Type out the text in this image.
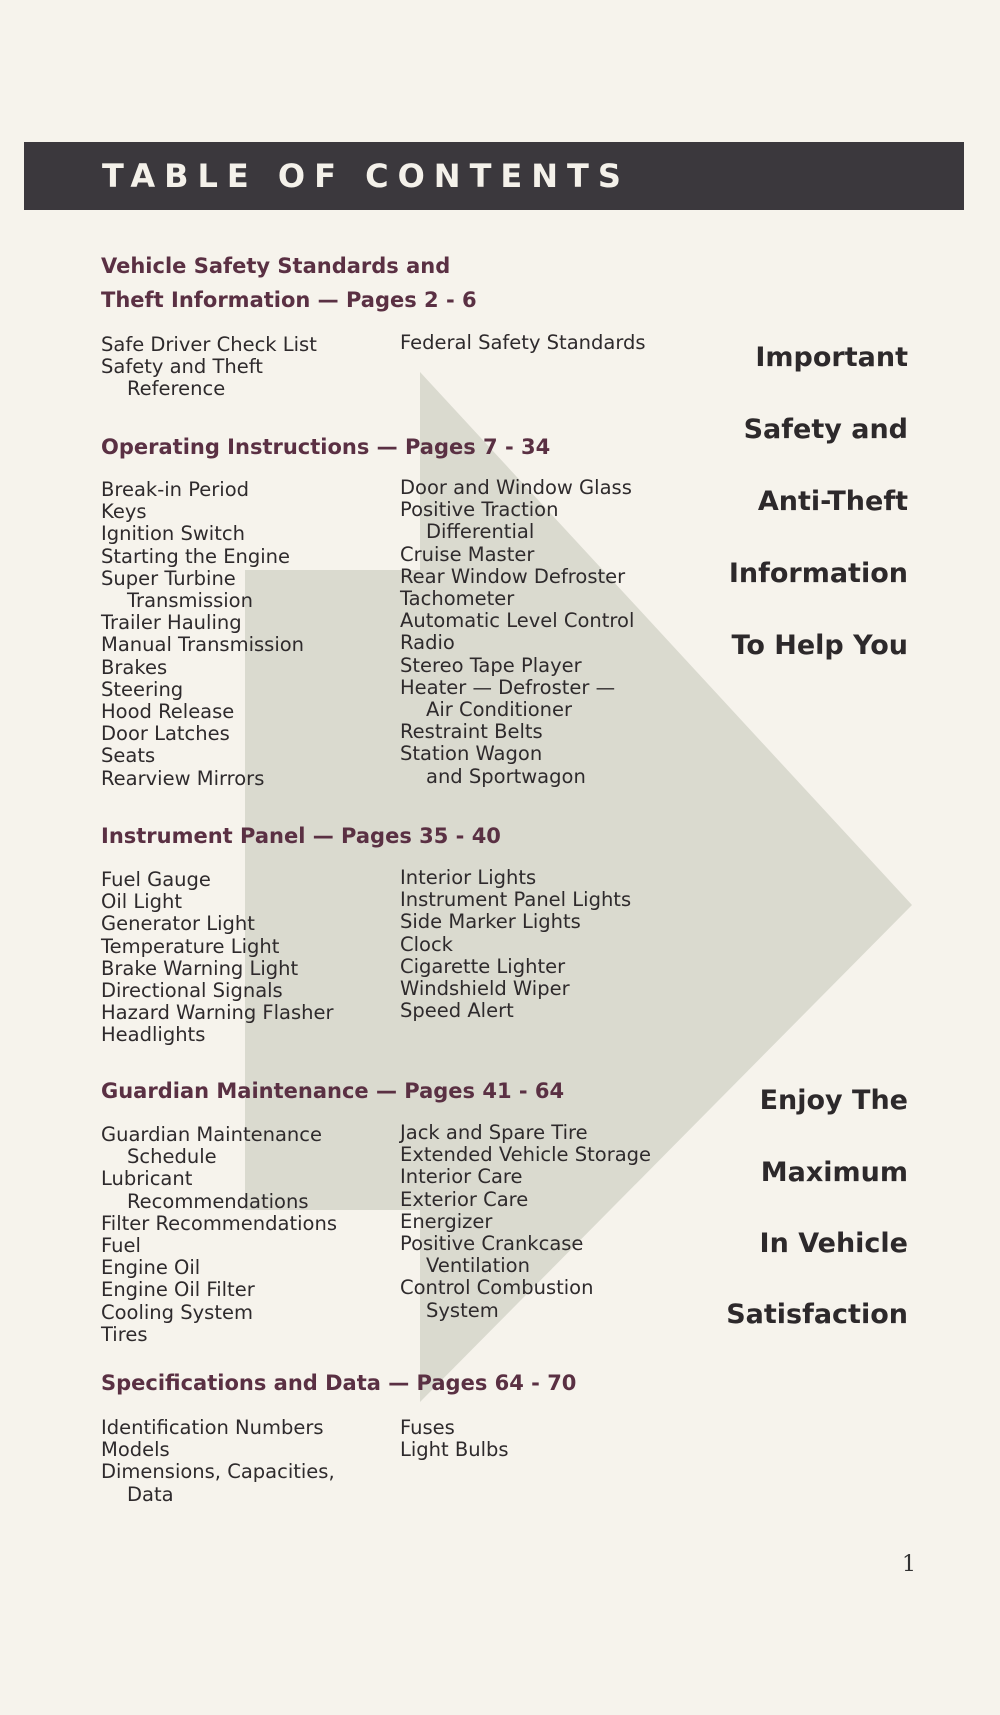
TABLE OF CONTENTS
Vehicle Safety Standards and
Theft Information — Pages 2 - 6
Safe Driver Check List
Safety and Theft
Reference
Federal Safety Standards
Operating Instructions — Pages 7 - 34
Break-in Period
Keys
Ignition Switch
Starting the Engine
Super Turbine
Transmission
Trailer Hauling
Manual Transmission
Brakes
Steering
Hood Release
Door Latches
Seats
Rearview Mirrors
Door and Window Glass
Positive Traction
Differential
Cruise Master
Rear Window Defroster
Tachometer
Automatic Level Control
Radio
Stereo Tape Player
Heater — Defroster —
Air Conditioner
Restraint Belts
Station Wagon
and Sportwagon
Instrument Panel — Pages 35 - 40
Fuel Gauge
Oil Light
Generator Light
Temperature Light
Brake Warning Light
Directional Signals
Hazard Warning Flasher
Headlights
Interior Lights
Instrument Panel Lights
Side Marker Lights
Clock
Cigarette Lighter
Windshield Wiper
Speed Alert
Guardian Maintenance — Pages 41 - 64
Guardian Maintenance
Schedule
Lubricant
Recommendations
Filter Recommendations
Fuel
Engine Oil
Engine Oil Filter
Cooling System
Tires
Jack and Spare Tire
Extended Vehicle Storage
Interior Care
Exterior Care
Energizer
Positive Crankcase
Ventilation
Control Combustion
System
Specifications and Data — Pages 64 - 70
Identification Numbers
Models
Dimensions, Capacities,
Data
Fuses
Light Bulbs
Important
Safety and
Anti-Theft
Information
To Help You
Enjoy The
Maximum
In Vehicle
Satisfaction
1
